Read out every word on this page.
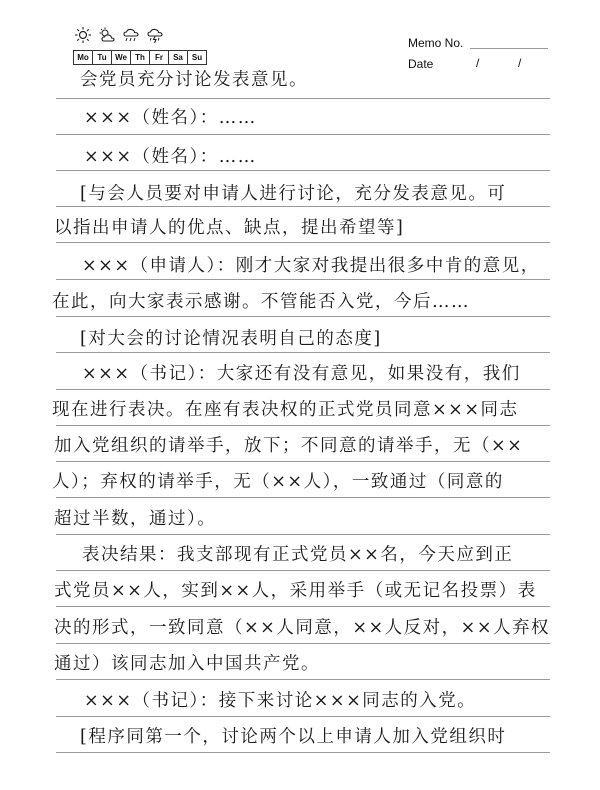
Mo	Tu	We	Th	Fr	Sa	Su
Memo No.
Date	/	/
会党员充分讨论发表意见。
×××（姓名）：……
×××（姓名）：……
[与会人员要对申请人进行讨论，充分发表意见。可
以指出申请人的优点、缺点，提出希望等]
×××（申请人）：刚才大家对我提出很多中肯的意见，
在此，向大家表示感谢。不管能否入党，今后……
[对大会的讨论情况表明自己的态度]
×××（书记）：大家还有没有意见，如果没有，我们
现在进行表决。在座有表决权的正式党员同意×××同志
加入党组织的请举手，放下；不同意的请举手，无（××
人）；弃权的请举手，无（××人），一致通过（同意的
超过半数，通过）。
表决结果：我支部现有正式党员××名，今天应到正
式党员××人，实到××人，采用举手（或无记名投票）表
决的形式，一致同意（××人同意，××人反对，××人弃权
通过）该同志加入中国共产党。
×××（书记）：接下来讨论×××同志的入党。
[程序同第一个，讨论两个以上申请人加入党组织时
